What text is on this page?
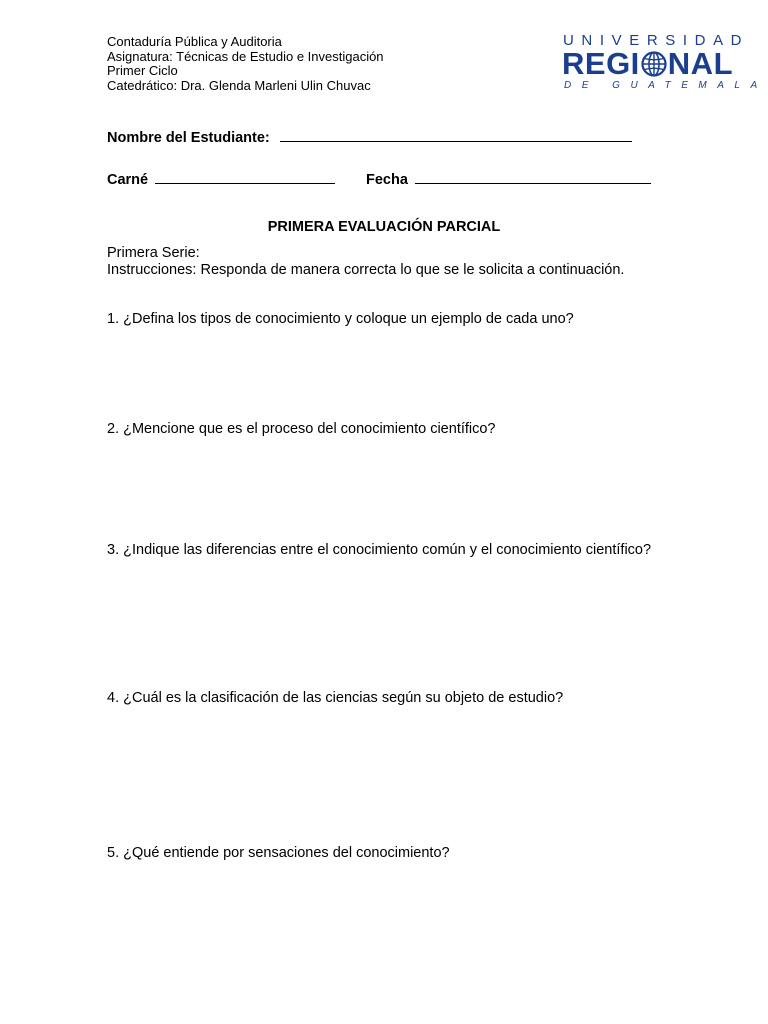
Contaduría Pública y Auditoria
Asignatura: Técnicas de Estudio e Investigación
Primer Ciclo
Catedrático: Dra. Glenda Marleni Ulin Chuvac
UNIVERSIDAD
REGI NAL
DE GUATEMALA
Nombre del Estudiante:
Carné	Fecha
PRIMERA EVALUACIÓN PARCIAL
Primera Serie:
Instrucciones: Responda de manera correcta lo que se le solicita a continuación.
1. ¿Defina los tipos de conocimiento y coloque un ejemplo de cada uno?
2. ¿Mencione que es el proceso del conocimiento científico?
3. ¿Indique las diferencias entre el conocimiento común y el conocimiento científico?
4. ¿Cuál es la clasificación de las ciencias según su objeto de estudio?
5. ¿Qué entiende por sensaciones del conocimiento?
